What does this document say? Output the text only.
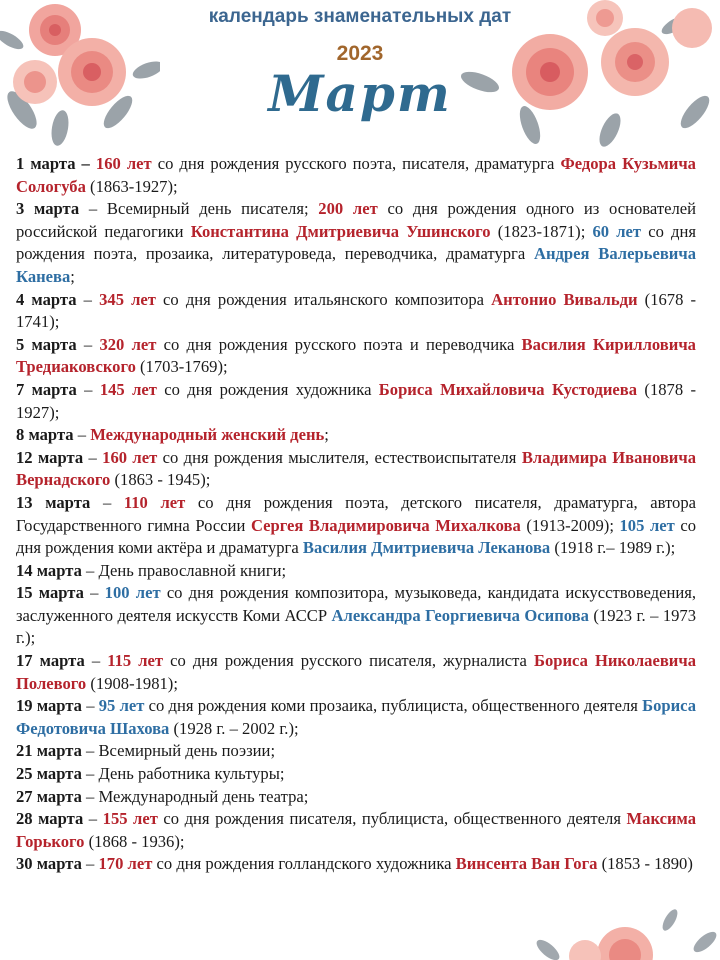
календарь знаменательных дат
2023
Март

1 марта – 160 лет со дня рождения русского поэта, писателя, драматурга Федора Кузьмича Сологуба (1863-1927);

3 марта – Всемирный день писателя; 200 лет со дня рождения одного из основателей российской педагогики Константина Дмитриевича Ушинского (1823-1871); 60 лет со дня рождения поэта, прозаика, литературоведа, переводчика, драматурга Андрея Валерьевича Канева;

4 марта – 345 лет со дня рождения итальянского композитора Антонио Вивальди (1678 - 1741);

5 марта – 320 лет со дня рождения русского поэта и переводчика Василия Кирилловича Тредиаковского (1703-1769);

7 марта – 145 лет со дня рождения художника Бориса Михайловича Кустодиева (1878 - 1927);

8 марта – Международный женский день;

12 марта – 160 лет со дня рождения мыслителя, естествоиспытателя Владимира Ивановича Вернадского (1863 - 1945);

13 марта – 110 лет со дня рождения поэта, детского писателя, драматурга, автора Государственного гимна России Сергея Владимировича Михалкова (1913-2009); 105 лет со дня рождения коми актёра и драматурга Василия Дмитриевича Леканова (1918 г.– 1989 г.);

14 марта – День православной книги;

15 марта – 100 лет со дня рождения композитора, музыковеда, кандидата искусствоведения, заслуженного деятеля искусств Коми АССР Александра Георгиевича Осипова (1923 г. – 1973 г.);

17 марта – 115 лет со дня рождения русского писателя, журналиста Бориса Николаевича Полевого (1908-1981);

19 марта – 95 лет со дня рождения коми прозаика, публициста, общественного деятеля Бориса Федотовича Шахова (1928 г. – 2002 г.);

21 марта – Всемирный день поэзии;

25 марта – День работника культуры;

27 марта – Международный день театра;

28 марта – 155 лет со дня рождения писателя, публициста, общественного деятеля Максима Горького (1868 - 1936);

30 марта – 170 лет со дня рождения голландского художника Винсента Ван Гога (1853 - 1890)
